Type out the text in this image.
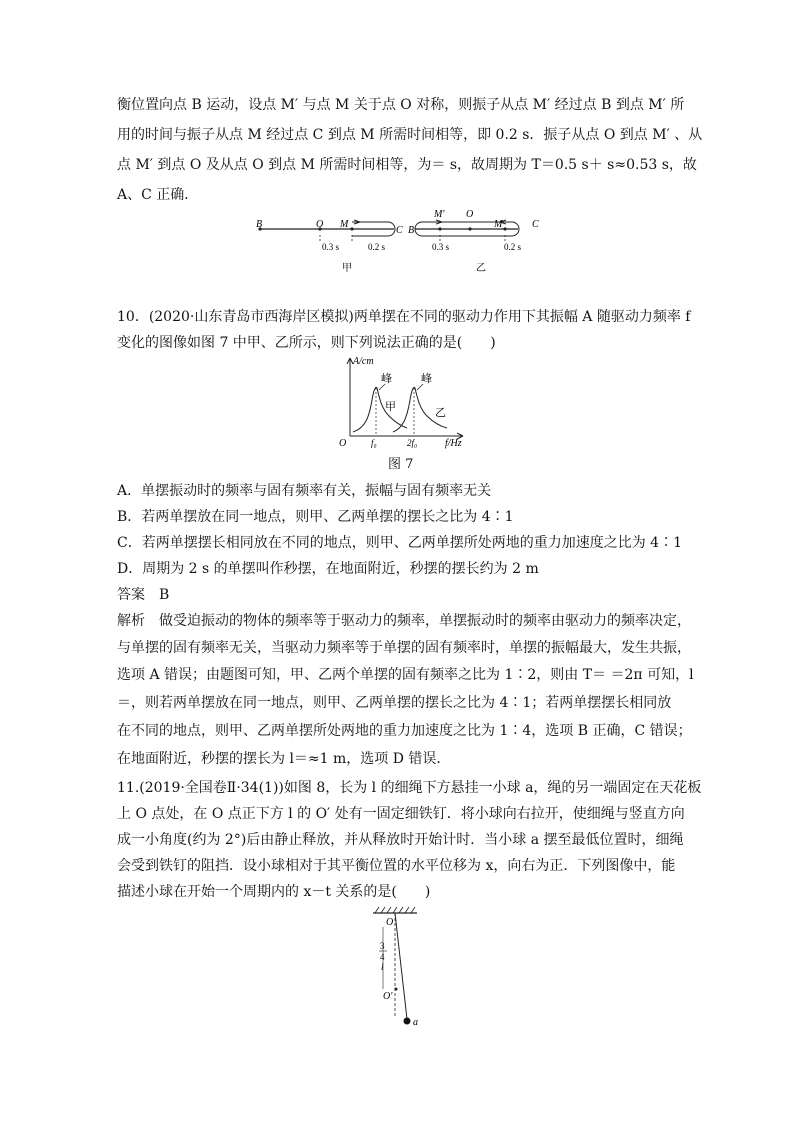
衡位置向点 B 运动，设点 M′ 与点 M 关于点 O 对称，则振子从点 M′ 经过点 B 到点 M′ 所
用的时间与振子从点 M 经过点 C 到点 M 所需时间相等，即 0.2 s．振子从点 O 到点 M′ 、从
点 M′ 到点 O 及从点 O 到点 M 所需时间相等，为＝ s，故周期为 T＝0.5 s＋ s≈0.53 s，故
A、C 正确．
B	O M
C
0.3 s	0.2 s
甲
B
M′ O
M	C
0.3 s	0.2 s
乙
10．(2020·山东青岛市西海岸区模拟)两单摆在不同的驱动力作用下其振幅 A 随驱动力频率 f
变化的图像如图 7 中甲、乙所示，则下列说法正确的是(　　)
A/cm
峰	峰
甲	乙
O	f₀	2f₀	f/Hz
图 7
A．单摆振动时的频率与固有频率有关，振幅与固有频率无关
B．若两单摆放在同一地点，则甲、乙两单摆的摆长之比为 4∶1
C．若两单摆摆长相同放在不同的地点，则甲、乙两单摆所处两地的重力加速度之比为 4∶1
D．周期为 2 s 的单摆叫作秒摆，在地面附近，秒摆的摆长约为 2 m
答案　B
解析　做受迫振动的物体的频率等于驱动力的频率，单摆振动时的频率由驱动力的频率决定，
与单摆的固有频率无关，当驱动力频率等于单摆的固有频率时，单摆的振幅最大，发生共振，
选项 A 错误；由题图可知，甲、乙两个单摆的固有频率之比为 1∶2，则由 T＝ ＝2π 可知，l
＝，则若两单摆放在同一地点，则甲、乙两单摆的摆长之比为 4∶1；若两单摆摆长相同放
在不同的地点，则甲、乙两单摆所处两地的重力加速度之比为 1∶4，选项 B 正确，C 错误；
在地面附近，秒摆的摆长为 l＝≈1 m，选项 D 错误．
11.(2019·全国卷Ⅱ·34(1))如图 8，长为 l 的细绳下方悬挂一小球 a，绳的另一端固定在天花板
上 O 点处，在 O 点正下方 l 的 O′ 处有一固定细铁钉．将小球向右拉开，使细绳与竖直方向
成一小角度(约为 2°)后由静止释放，并从释放时开始计时．当小球 a 摆至最低位置时，细绳
会受到铁钉的阻挡．设小球相对于其平衡位置的水平位移为 x，向右为正．下列图像中，能
描述小球在开始一个周期内的 x－t 关系的是(　　)
O
O′
3
4
l
a
